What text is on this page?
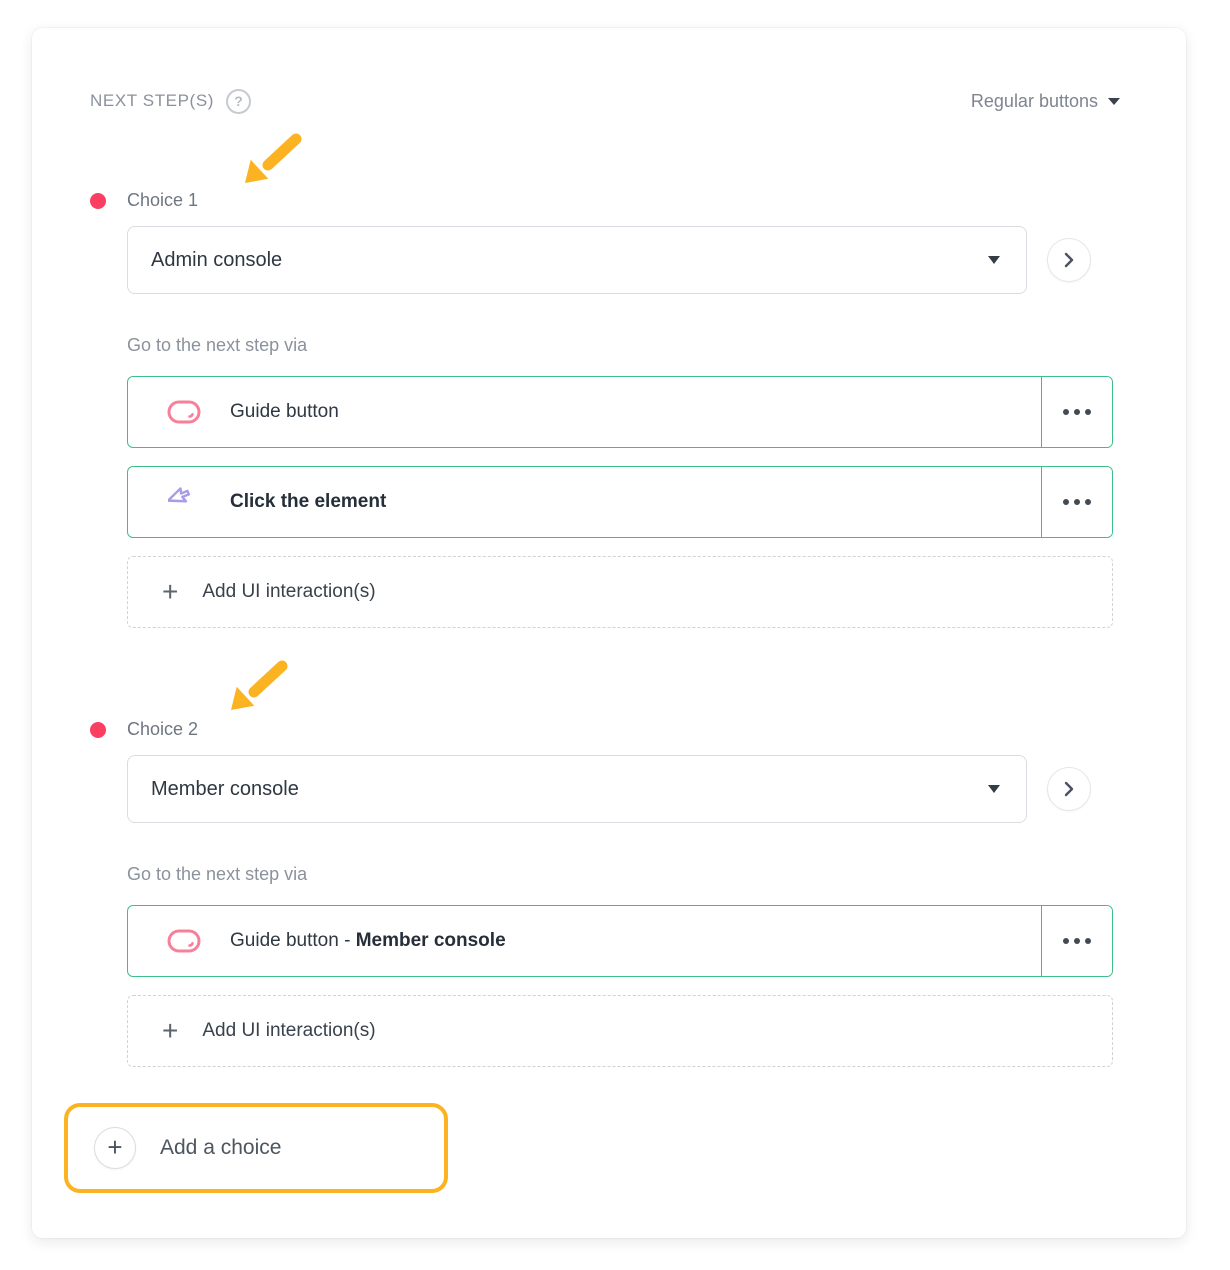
NEXT STEP(S)	?	Regular buttons
Choice 1
Admin console
Go to the next step via
Guide button
Click the element
+ Add UI interaction(s)
Choice 2
Member console
Go to the next step via
Guide button - Member console
+ Add UI interaction(s)
+ Add a choice
